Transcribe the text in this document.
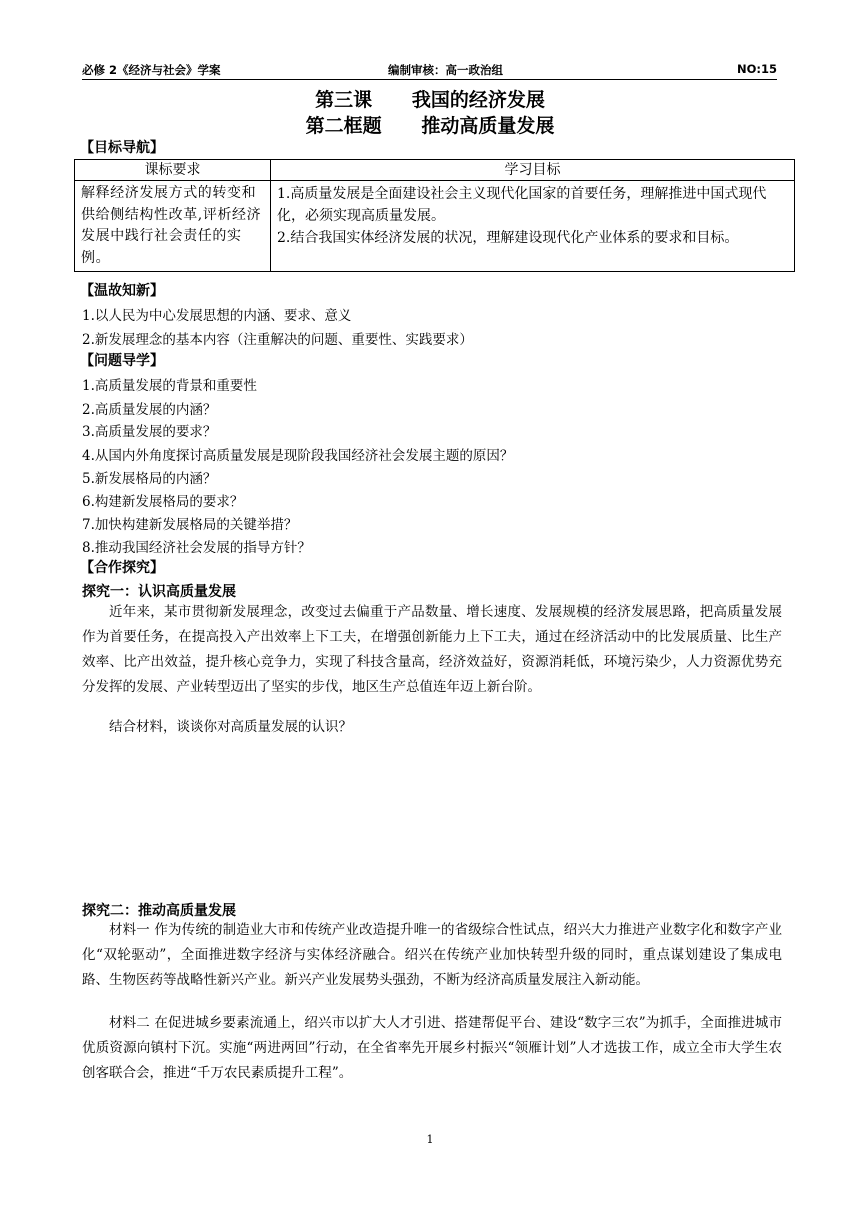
必修 2《经济与社会》学案	编制审核：高一政治组	NO:15
第三课      我国的经济发展
第二框题      推动高质量发展
【目标导航】
课标要求	学习目标
解释经济发展方式的转变和供给侧结构性改革,评析经济发展中践行社会责任的实例。	1.高质量发展是全面建设社会主义现代化国家的首要任务，理解推进中国式现代化，必须实现高质量发展。
2.结合我国实体经济发展的状况，理解建设现代化产业体系的要求和目标。
【温故知新】
1.以人民为中心发展思想的内涵、要求、意义
2.新发展理念的基本内容（注重解决的问题、重要性、实践要求）
【问题导学】
1.高质量发展的背景和重要性
2.高质量发展的内涵？
3.高质量发展的要求？
4.从国内外角度探讨高质量发展是现阶段我国经济社会发展主题的原因？
5.新发展格局的内涵？
6.构建新发展格局的要求？
7.加快构建新发展格局的关键举措？
8.推动我国经济社会发展的指导方针？
【合作探究】
探究一：认识高质量发展

近年来，某市贯彻新发展理念，改变过去偏重于产品数量、增长速度、发展规模的经济发展思路，把高质量发展作为首要任务，在提高投入产出效率上下工夫，在增强创新能力上下工夫，通过在经济活动中的比发展质量、比生产效率、比产出效益，提升核心竞争力，实现了科技含量高，经济效益好，资源消耗低，环境污染少，人力资源优势充分发挥的发展、产业转型迈出了坚实的步伐，地区生产总值连年迈上新台阶。

结合材料，谈谈你对高质量发展的认识？

探究二：推动高质量发展

材料一 作为传统的制造业大市和传统产业改造提升唯一的省级综合性试点，绍兴大力推进产业数字化和数字产业化“双轮驱动”，全面推进数字经济与实体经济融合。绍兴在传统产业加快转型升级的同时，重点谋划建设了集成电路、生物医药等战略性新兴产业。新兴产业发展势头强劲，不断为经济高质量发展注入新动能。

材料二 在促进城乡要素流通上，绍兴市以扩大人才引进、搭建帮促平台、建设“数字三农”为抓手，全面推进城市优质资源向镇村下沉。实施“两进两回”行动，在全省率先开展乡村振兴“领雁计划”人才选拔工作，成立全市大学生农创客联合会，推进“千万农民素质提升工程”。

1
